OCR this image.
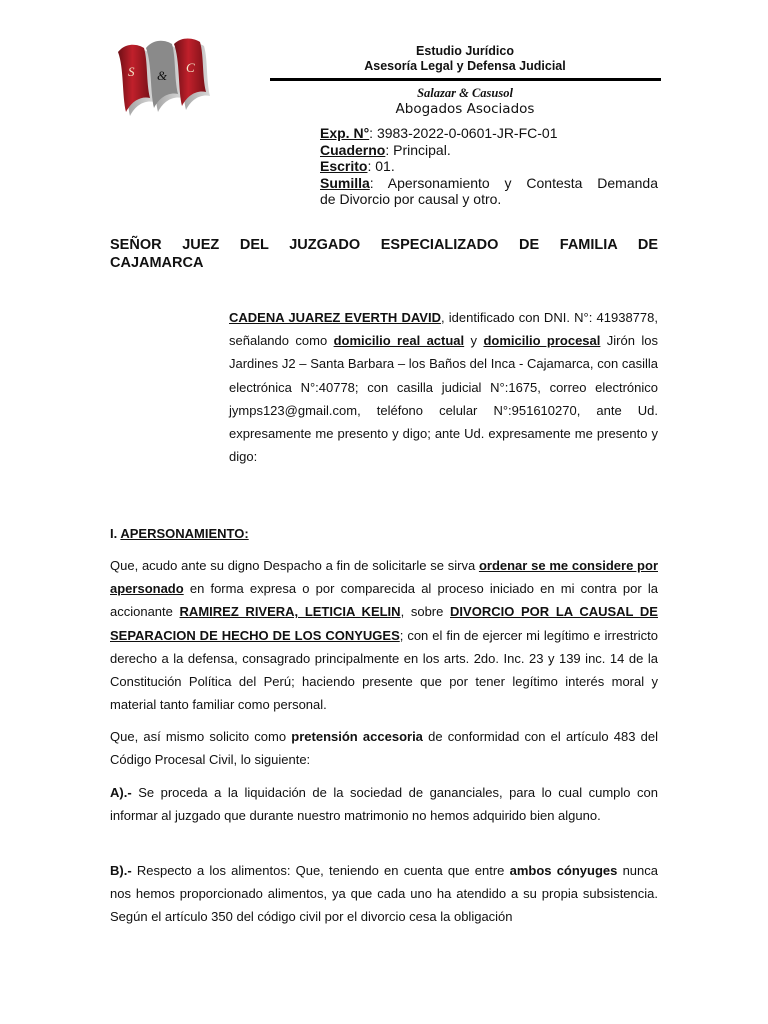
S &
C
Estudio Jurídico
Asesoría Legal y Defensa Judicial
Salazar & Casusol
Abogados Asociados
Exp. N°: 3983-2022-0-0601-JR-FC-01
Cuaderno: Principal.
Escrito: 01.
Sumilla: Apersonamiento y Contesta Demanda
de Divorcio por causal y otro.
SEÑOR JUEZ DEL JUZGADO ESPECIALIZADO DE FAMILIA DE
CAJAMARCA
CADENA JUAREZ EVERTH DAVID, identificado con DNI. N°: 41938778, señalando como domicilio real actual y domicilio procesal Jirón los Jardines J2 – Santa Barbara – los Baños del Inca - Cajamarca, con casilla electrónica N°:40778; con casilla judicial N°:1675, correo electrónico jymps123@gmail.com, teléfono celular N°:951610270, ante Ud. expresamente me presento y digo; ante Ud. expresamente me presento y digo:
I. APERSONAMIENTO:
Que, acudo ante su digno Despacho a fin de solicitarle se sirva ordenar se me considere por apersonado en forma expresa o por comparecida al proceso iniciado en mi contra por la accionante RAMIREZ RIVERA, LETICIA KELIN, sobre DIVORCIO POR LA CAUSAL DE SEPARACION DE HECHO DE LOS CONYUGES; con el fin de ejercer mi legítimo e irrestricto derecho a la defensa, consagrado principalmente en los arts. 2do. Inc. 23 y 139 inc. 14 de la Constitución Política del Perú; haciendo presente que por tener legítimo interés moral y material tanto familiar como personal.
Que, así mismo solicito como pretensión accesoria de conformidad con el artículo 483 del Código Procesal Civil, lo siguiente:
A).- Se proceda a la liquidación de la sociedad de gananciales, para lo cual cumplo con informar al juzgado que durante nuestro matrimonio no hemos adquirido bien alguno.
B).- Respecto a los alimentos: Que, teniendo en cuenta que entre ambos cónyuges nunca nos hemos proporcionado alimentos, ya que cada uno ha atendido a su propia subsistencia. Según el artículo 350 del código civil por el divorcio cesa la obligación
